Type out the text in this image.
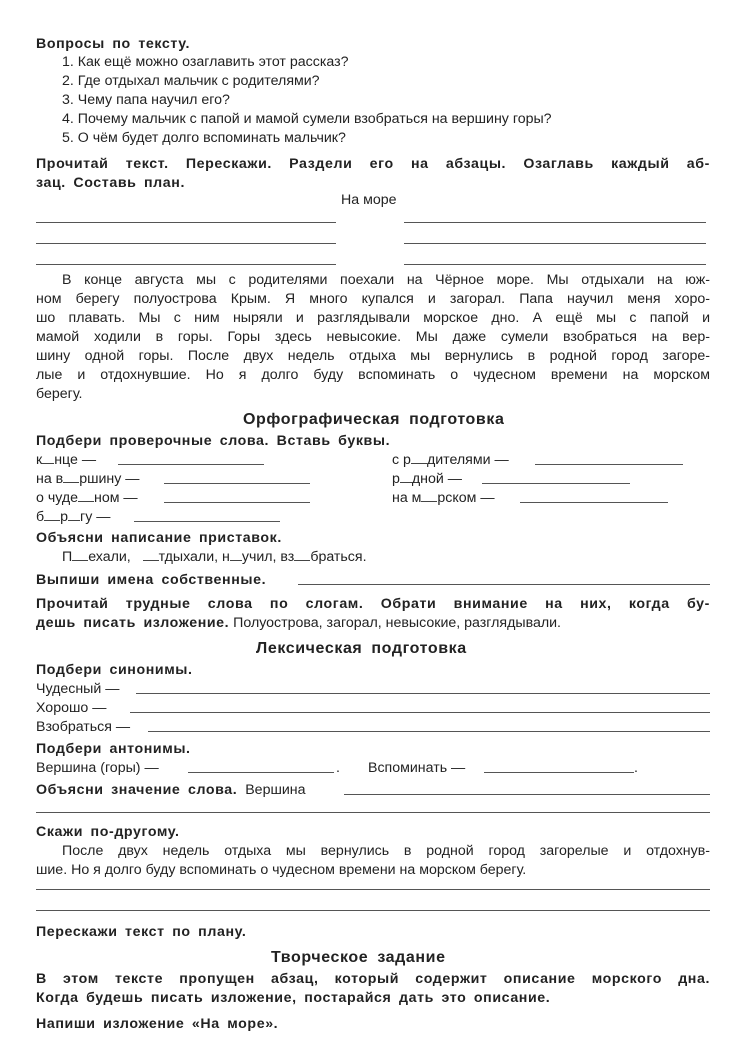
Вопросы по тексту.
1. Как ещё можно озаглавить этот рассказ?
2. Где отдыхал мальчик с родителями?
3. Чему папа научил его?
4. Почему мальчик с папой и мамой сумели взобраться на вершину горы?
5. О чём будет долго вспоминать мальчик?
Прочитай текст. Перескажи. Раздели его на абзацы. Озаглавь каждый аб-
зац. Составь план.
На море
В конце августа мы с родителями поехали на Чёрное море. Мы отдыхали на юж-
ном берегу полуострова Крым. Я много купался и загорал. Папа научил меня хоро-
шо плавать. Мы с ним ныряли и разглядывали морское дно. А ещё мы с папой и
мамой ходили в горы. Горы здесь невысокие. Мы даже сумели взобраться на вер-
шину одной горы. После двух недель отдыха мы вернулись в родной город загоре-
лые и отдохнувшие. Но я долго буду вспоминать о чудесном времени на морском
берегу.
Орфографическая подготовка
Подбери проверочные слова. Вставь буквы.
к нце —
на в ршину —
о чуде ном —
б р гу —
с р дителями —
р дной —
на м рском —
Объясни написание приставок.
П ехали, тдыхали, н учил, вз браться.
Выпиши имена собственные.
Прочитай трудные слова по слогам. Обрати внимание на них, когда бу-
дешь писать изложение. Полуострова, загорал, невысокие, разглядывали.
Лексическая подготовка
Подбери синонимы.
Чудесный —
Хорошо —
Взобраться —
Подбери антонимы.
Вершина (горы) —	. Вспоминать —	.
Объясни значение слова. Вершина
Скажи по-другому.
После двух недель отдыха мы вернулись в родной город загорелые и отдохнув-
шие. Но я долго буду вспоминать о чудесном времени на морском берегу.
Перескажи текст по плану.
Творческое задание
В этом тексте пропущен абзац, который содержит описание морского дна.
Когда будешь писать изложение, постарайся дать это описание.
Напиши изложение «На море».
